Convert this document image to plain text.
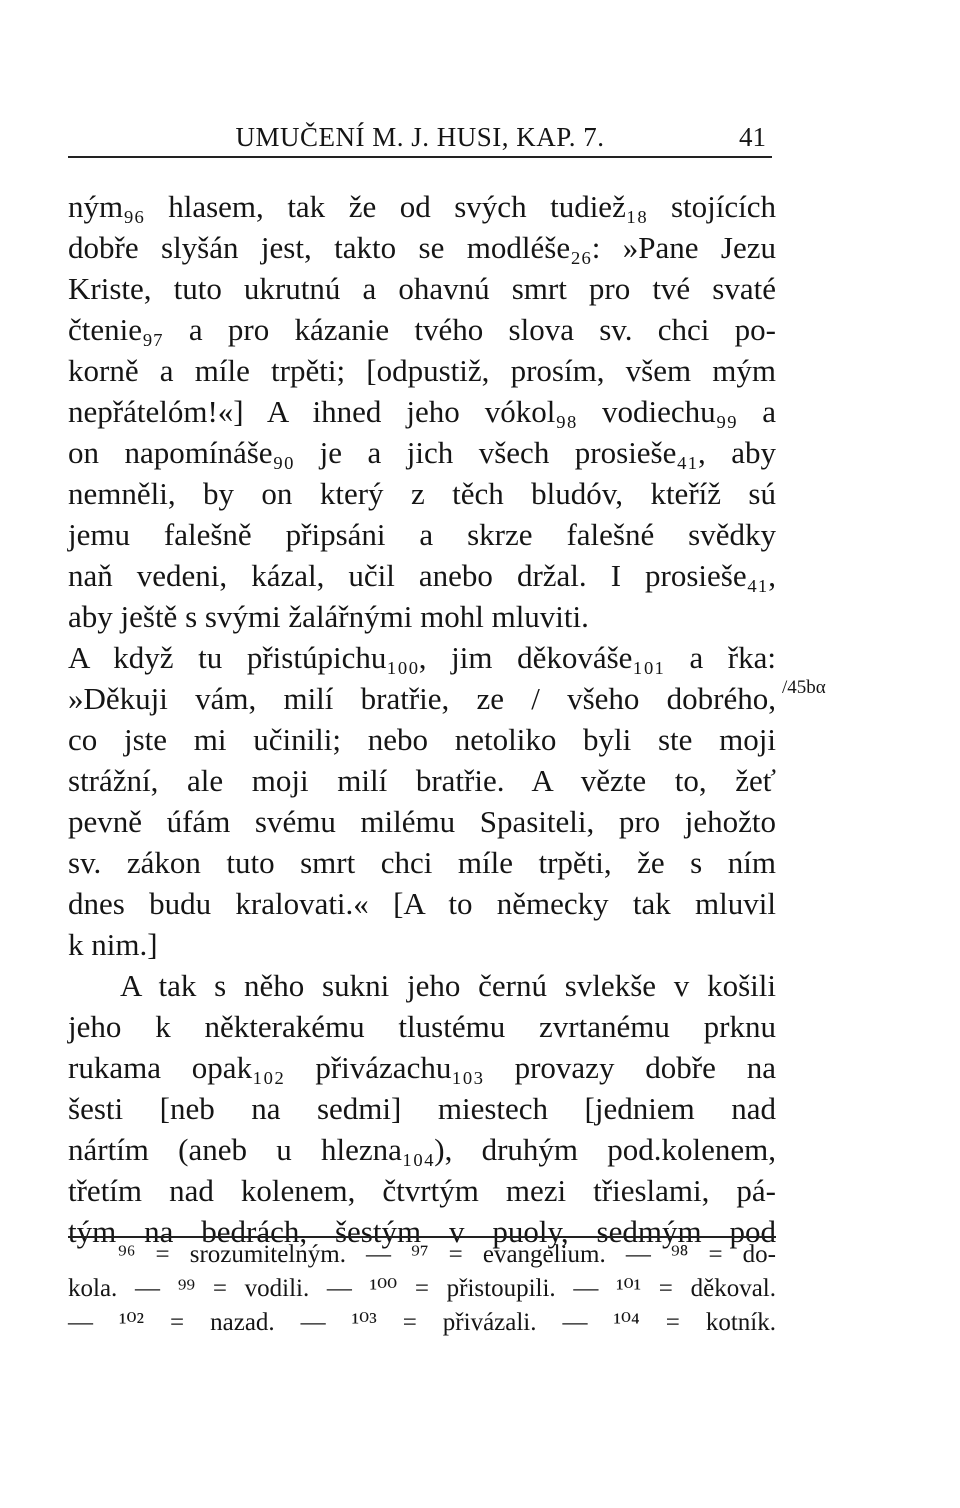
UMUČENÍ M. J. HUSI, KAP. 7.	41
ným₉₆ hlasem, tak že od svých tudiež₁₈ stojících
dobře slyšán jest, takto se modléše₂₆: »Pane Jezu
Kriste, tuto ukrutnú a ohavnú smrt pro tvé svaté
čtenie₉₇ a pro kázanie tvého slova sv. chci po-
korně a míle trpěti; [odpustiž, prosím, všem mým
nepřátelóm!«] A ihned jeho vókol₉₈ vodiechu₉₉ a
on napomínáše₉₀ je a jich všech prosieše₄₁, aby
nemněli, by on který z těch bludóv, kteříž sú
jemu falešně připsáni a skrze falešné svědky
naň vedeni, kázal, učil anebo držal. I prosieše₄₁,
aby ještě s svými žalářnými mohl mluviti.
A když tu přistúpichu₁₀₀, jim děkováše₁₀₁ a řka:
»Děkuji vám, milí bratřie, ze / všeho dobrého,
co jste mi učinili; nebo netoliko byli ste moji
strážní, ale moji milí bratřie. A vězte to, žeť
pevně úfám svému milému Spasiteli, pro jehožto
sv. zákon tuto smrt chci míle trpěti, že s ním
dnes budu kralovati.« [A to německy tak mluvil
k nim.]
A tak s něho sukni jeho černú svlekše v košili
jeho k některakému tlustému zvrtanému prknu
rukama opak₁₀₂ přivázachu₁₀₃ provazy dobře na
šesti [neb na sedmi] miestech [jedniem nad
nártím (aneb u hlezna₁₀₄), druhým pod.kolenem,
třetím nad kolenem, čtvrtým mezi třieslami, pá-
tým na bedrách, šestým v puoly, sedmým pod
/45bα
⁹⁶ = srozumitelným. — ⁹⁷ = evangelium. — ⁹⁸ = do-
kola. — ⁹⁹ = vodili. — ¹⁰⁰ = přistoupili. — ¹⁰¹ = děkoval.
— ¹⁰² = nazad. — ¹⁰³ = přivázali. — ¹⁰⁴ = kotník.
